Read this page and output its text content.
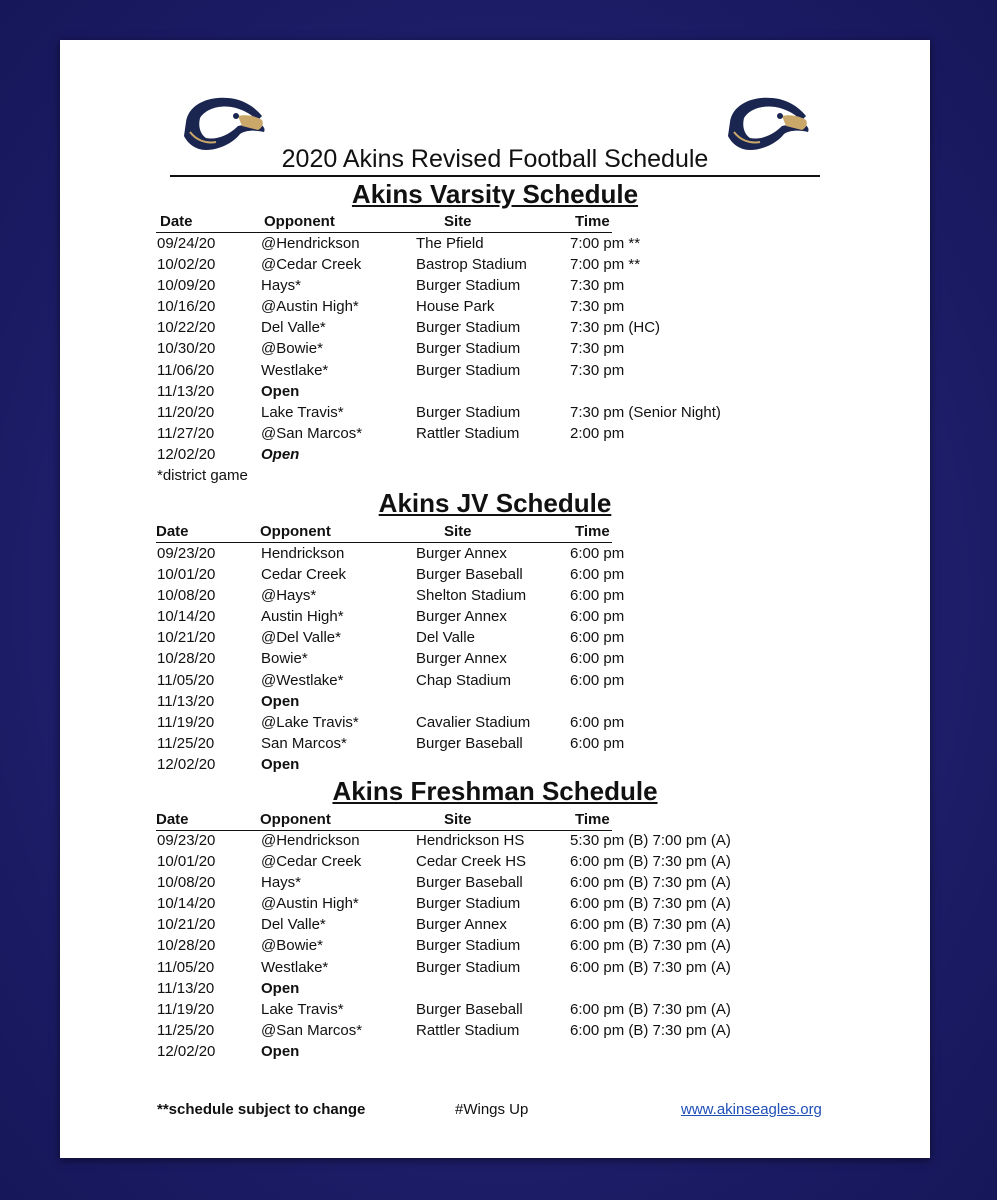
2020 Akins Revised Football Schedule
Akins Varsity Schedule
Date	Opponent	Site	Time
09/24/20	@Hendrickson	The Pfield	7:00 pm **
10/02/20	@Cedar Creek	Bastrop Stadium	7:00 pm **
10/09/20	Hays*	Burger Stadium	7:30 pm
10/16/20	@Austin High*	House Park	7:30 pm
10/22/20	Del Valle*	Burger Stadium	7:30 pm (HC)
10/30/20	@Bowie*	Burger Stadium	7:30 pm
11/06/20	Westlake*	Burger Stadium	7:30 pm
11/13/20	Open
11/20/20	Lake Travis*	Burger Stadium	7:30 pm (Senior Night)
11/27/20	@San Marcos*	Rattler Stadium	2:00 pm
12/02/20	Open
*district game
Akins JV Schedule
Date	Opponent	Site	Time
09/23/20	Hendrickson	Burger Annex	6:00 pm
10/01/20	Cedar Creek	Burger Baseball	6:00 pm
10/08/20	@Hays*	Shelton Stadium	6:00 pm
10/14/20	Austin High*	Burger Annex	6:00 pm
10/21/20	@Del Valle*	Del Valle	6:00 pm
10/28/20	Bowie*	Burger Annex	6:00 pm
11/05/20	@Westlake*	Chap Stadium	6:00 pm
11/13/20	Open
11/19/20	@Lake Travis*	Cavalier Stadium	6:00 pm
11/25/20	San Marcos*	Burger Baseball	6:00 pm
12/02/20	Open
Akins Freshman Schedule
Date	Opponent	Site	Time
09/23/20	@Hendrickson	Hendrickson HS	5:30 pm (B) 7:00 pm (A)
10/01/20	@Cedar Creek	Cedar Creek HS	6:00 pm (B) 7:30 pm (A)
10/08/20	Hays*	Burger Baseball	6:00 pm (B) 7:30 pm (A)
10/14/20	@Austin High*	Burger Stadium	6:00 pm (B) 7:30 pm (A)
10/21/20	Del Valle*	Burger Annex	6:00 pm (B) 7:30 pm (A)
10/28/20	@Bowie*	Burger Stadium	6:00 pm (B) 7:30 pm (A)
11/05/20	Westlake*	Burger Stadium	6:00 pm (B) 7:30 pm (A)
11/13/20	Open
11/19/20	Lake Travis*	Burger Baseball	6:00 pm (B) 7:30 pm (A)
11/25/20	@San Marcos*	Rattler Stadium	6:00 pm (B) 7:30 pm (A)
12/02/20	Open
**schedule subject to change	#Wings Up	www.akinseagles.org
